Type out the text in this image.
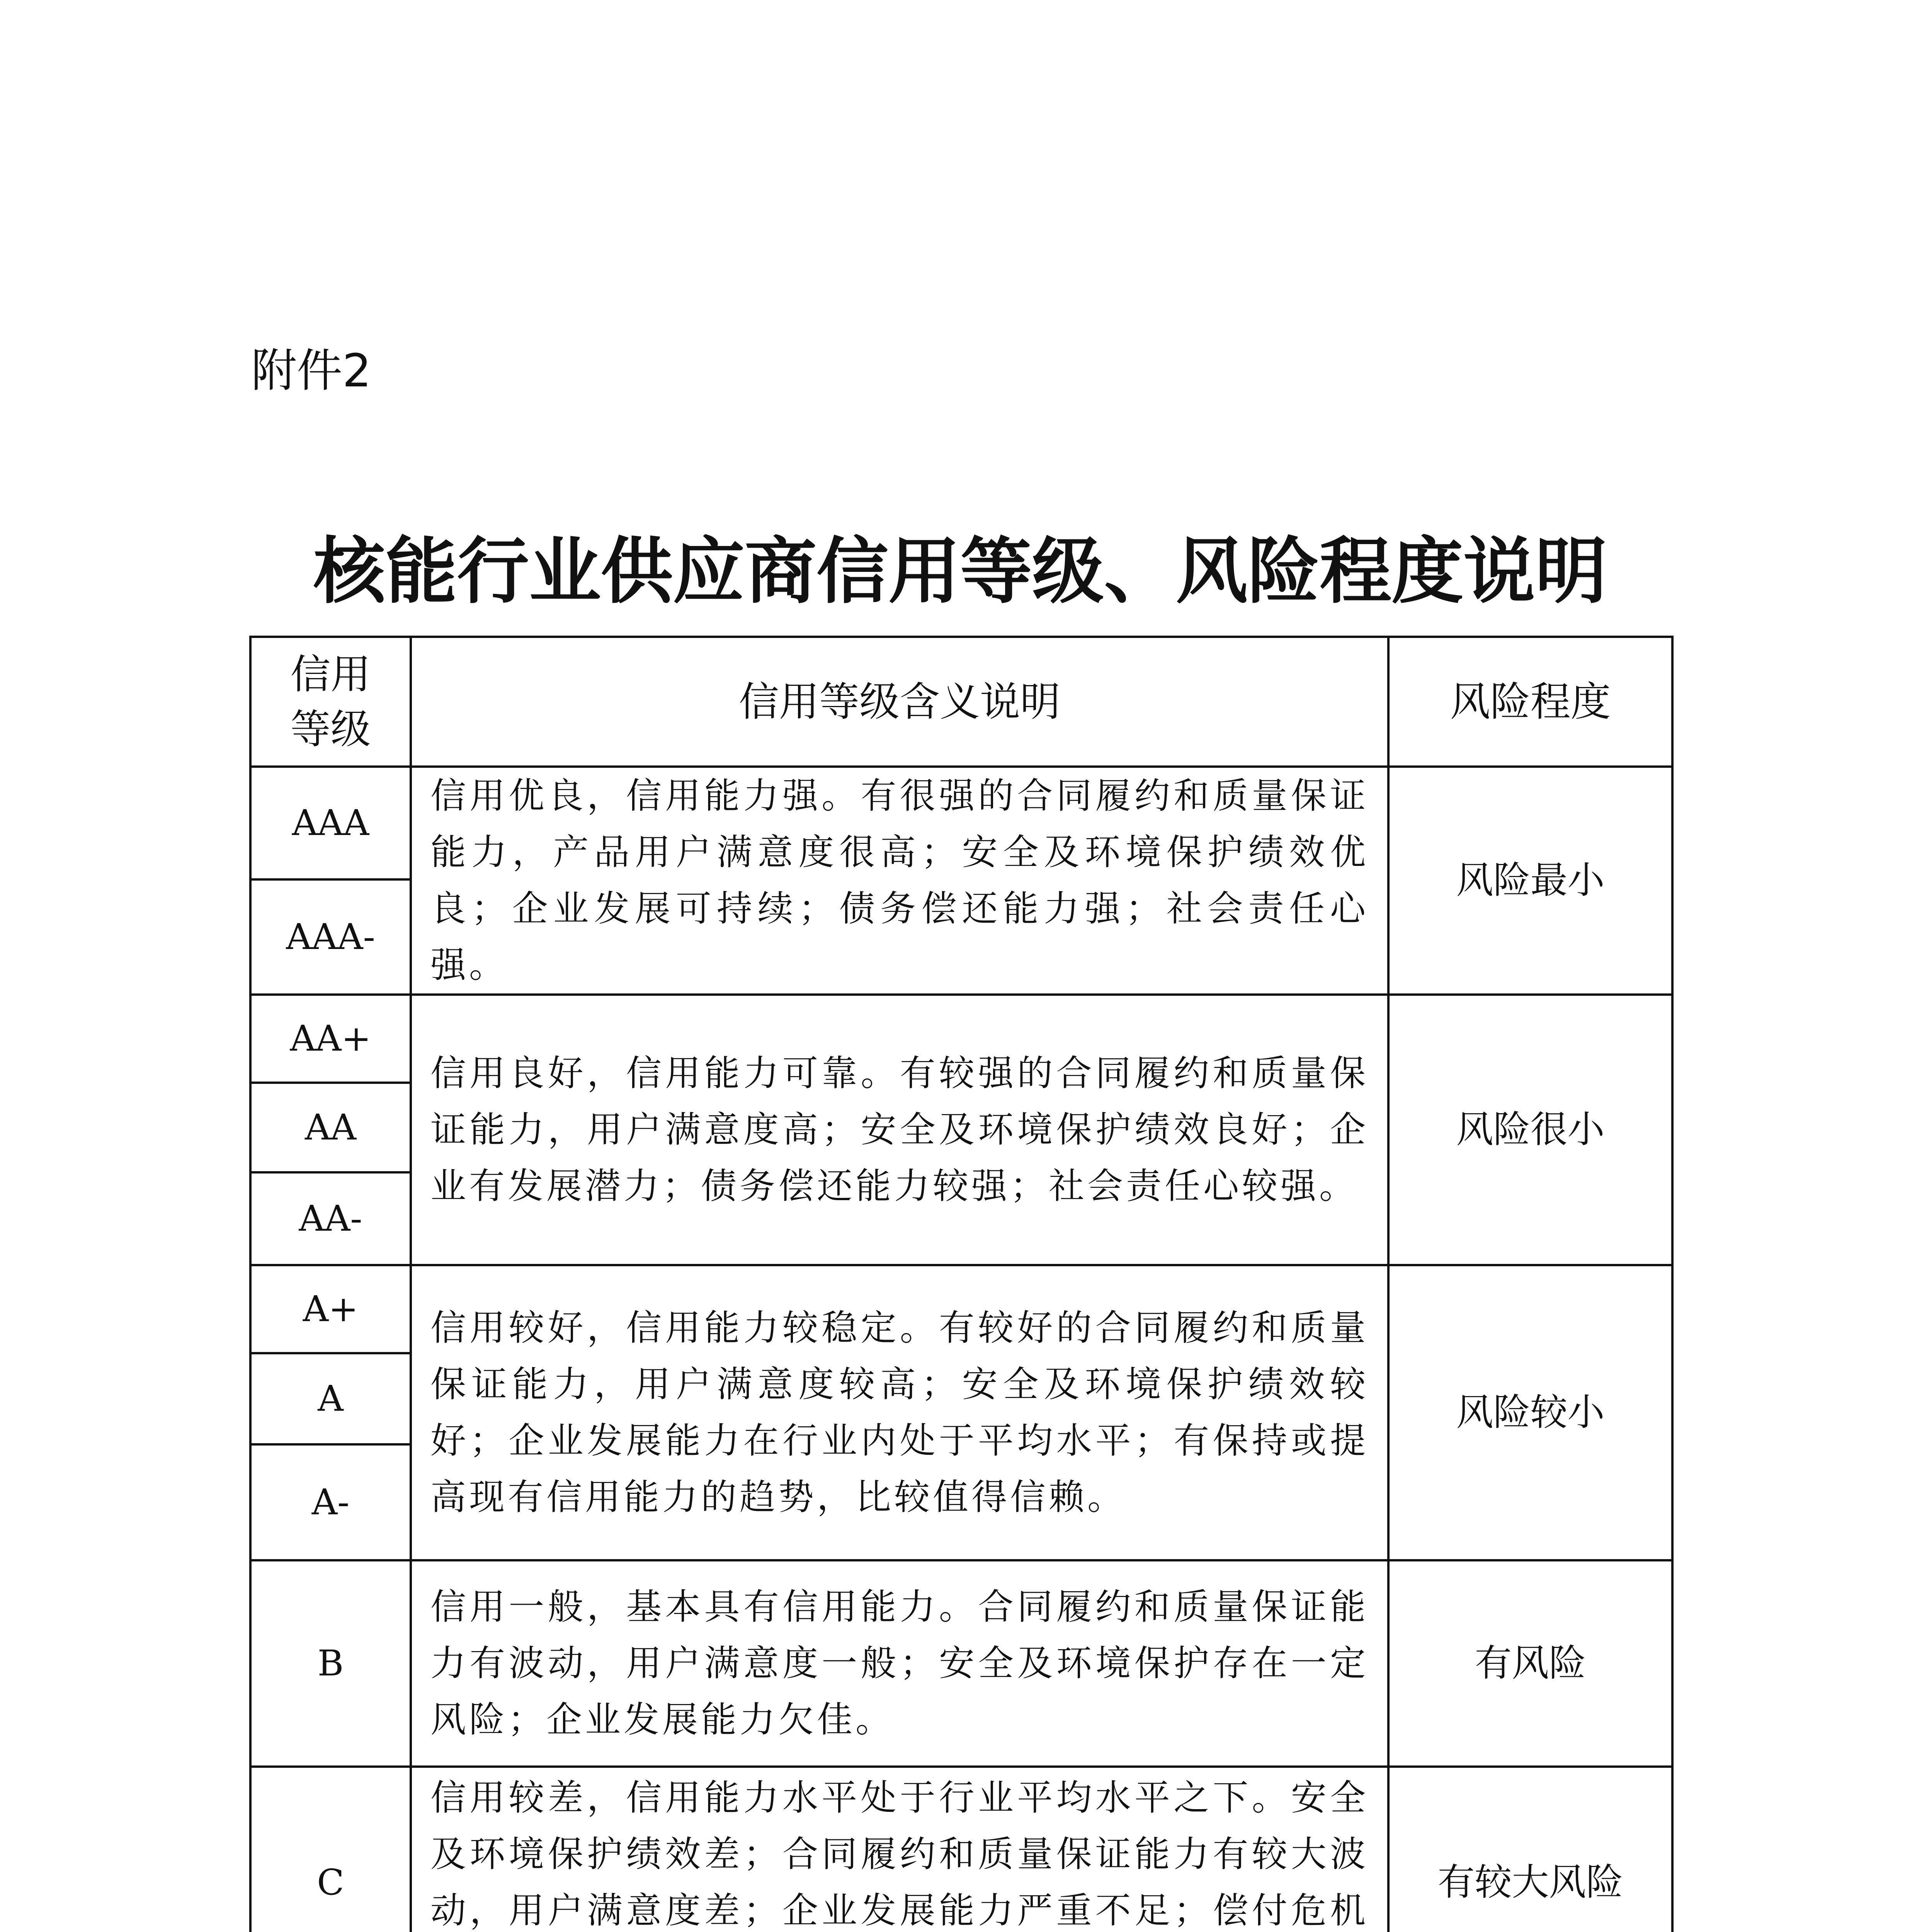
附件2
核能行业供应商信用等级、风险程度说明
信用
等级	信用等级含义说明	风险程度
AAA	信用优良，信用能力强。有很强的合同履约和质量保证能力，产品用户满意度很高；安全及环境保护绩效优良；企业发展可持续；债务偿还能力强；社会责任心强。	风险最小
AAA-		
AA+	信用良好，信用能力可靠。有较强的合同履约和质量保证能力，用户满意度高；安全及环境保护绩效良好；企业有发展潜力；债务偿还能力较强；社会责任心较强。	风险很小
AA		
AA-		
A+	信用较好，信用能力较稳定。有较好的合同履约和质量保证能力，用户满意度较高；安全及环境保护绩效较好；企业发展能力在行业内处于平均水平；有保持或提高现有信用能力的趋势，比较值得信赖。	风险较小
A		
A-		
B	信用一般，基本具有信用能力。合同履约和质量保证能力有波动，用户满意度一般；安全及环境保护存在一定风险；企业发展能力欠佳。	有风险
C	信用较差，信用能力水平处于行业平均水平之下。安全及环境保护绩效差；合同履约和质量保证能力有较大波动，用户满意度差；企业发展能力严重不足；偿付危机	有较大风险
